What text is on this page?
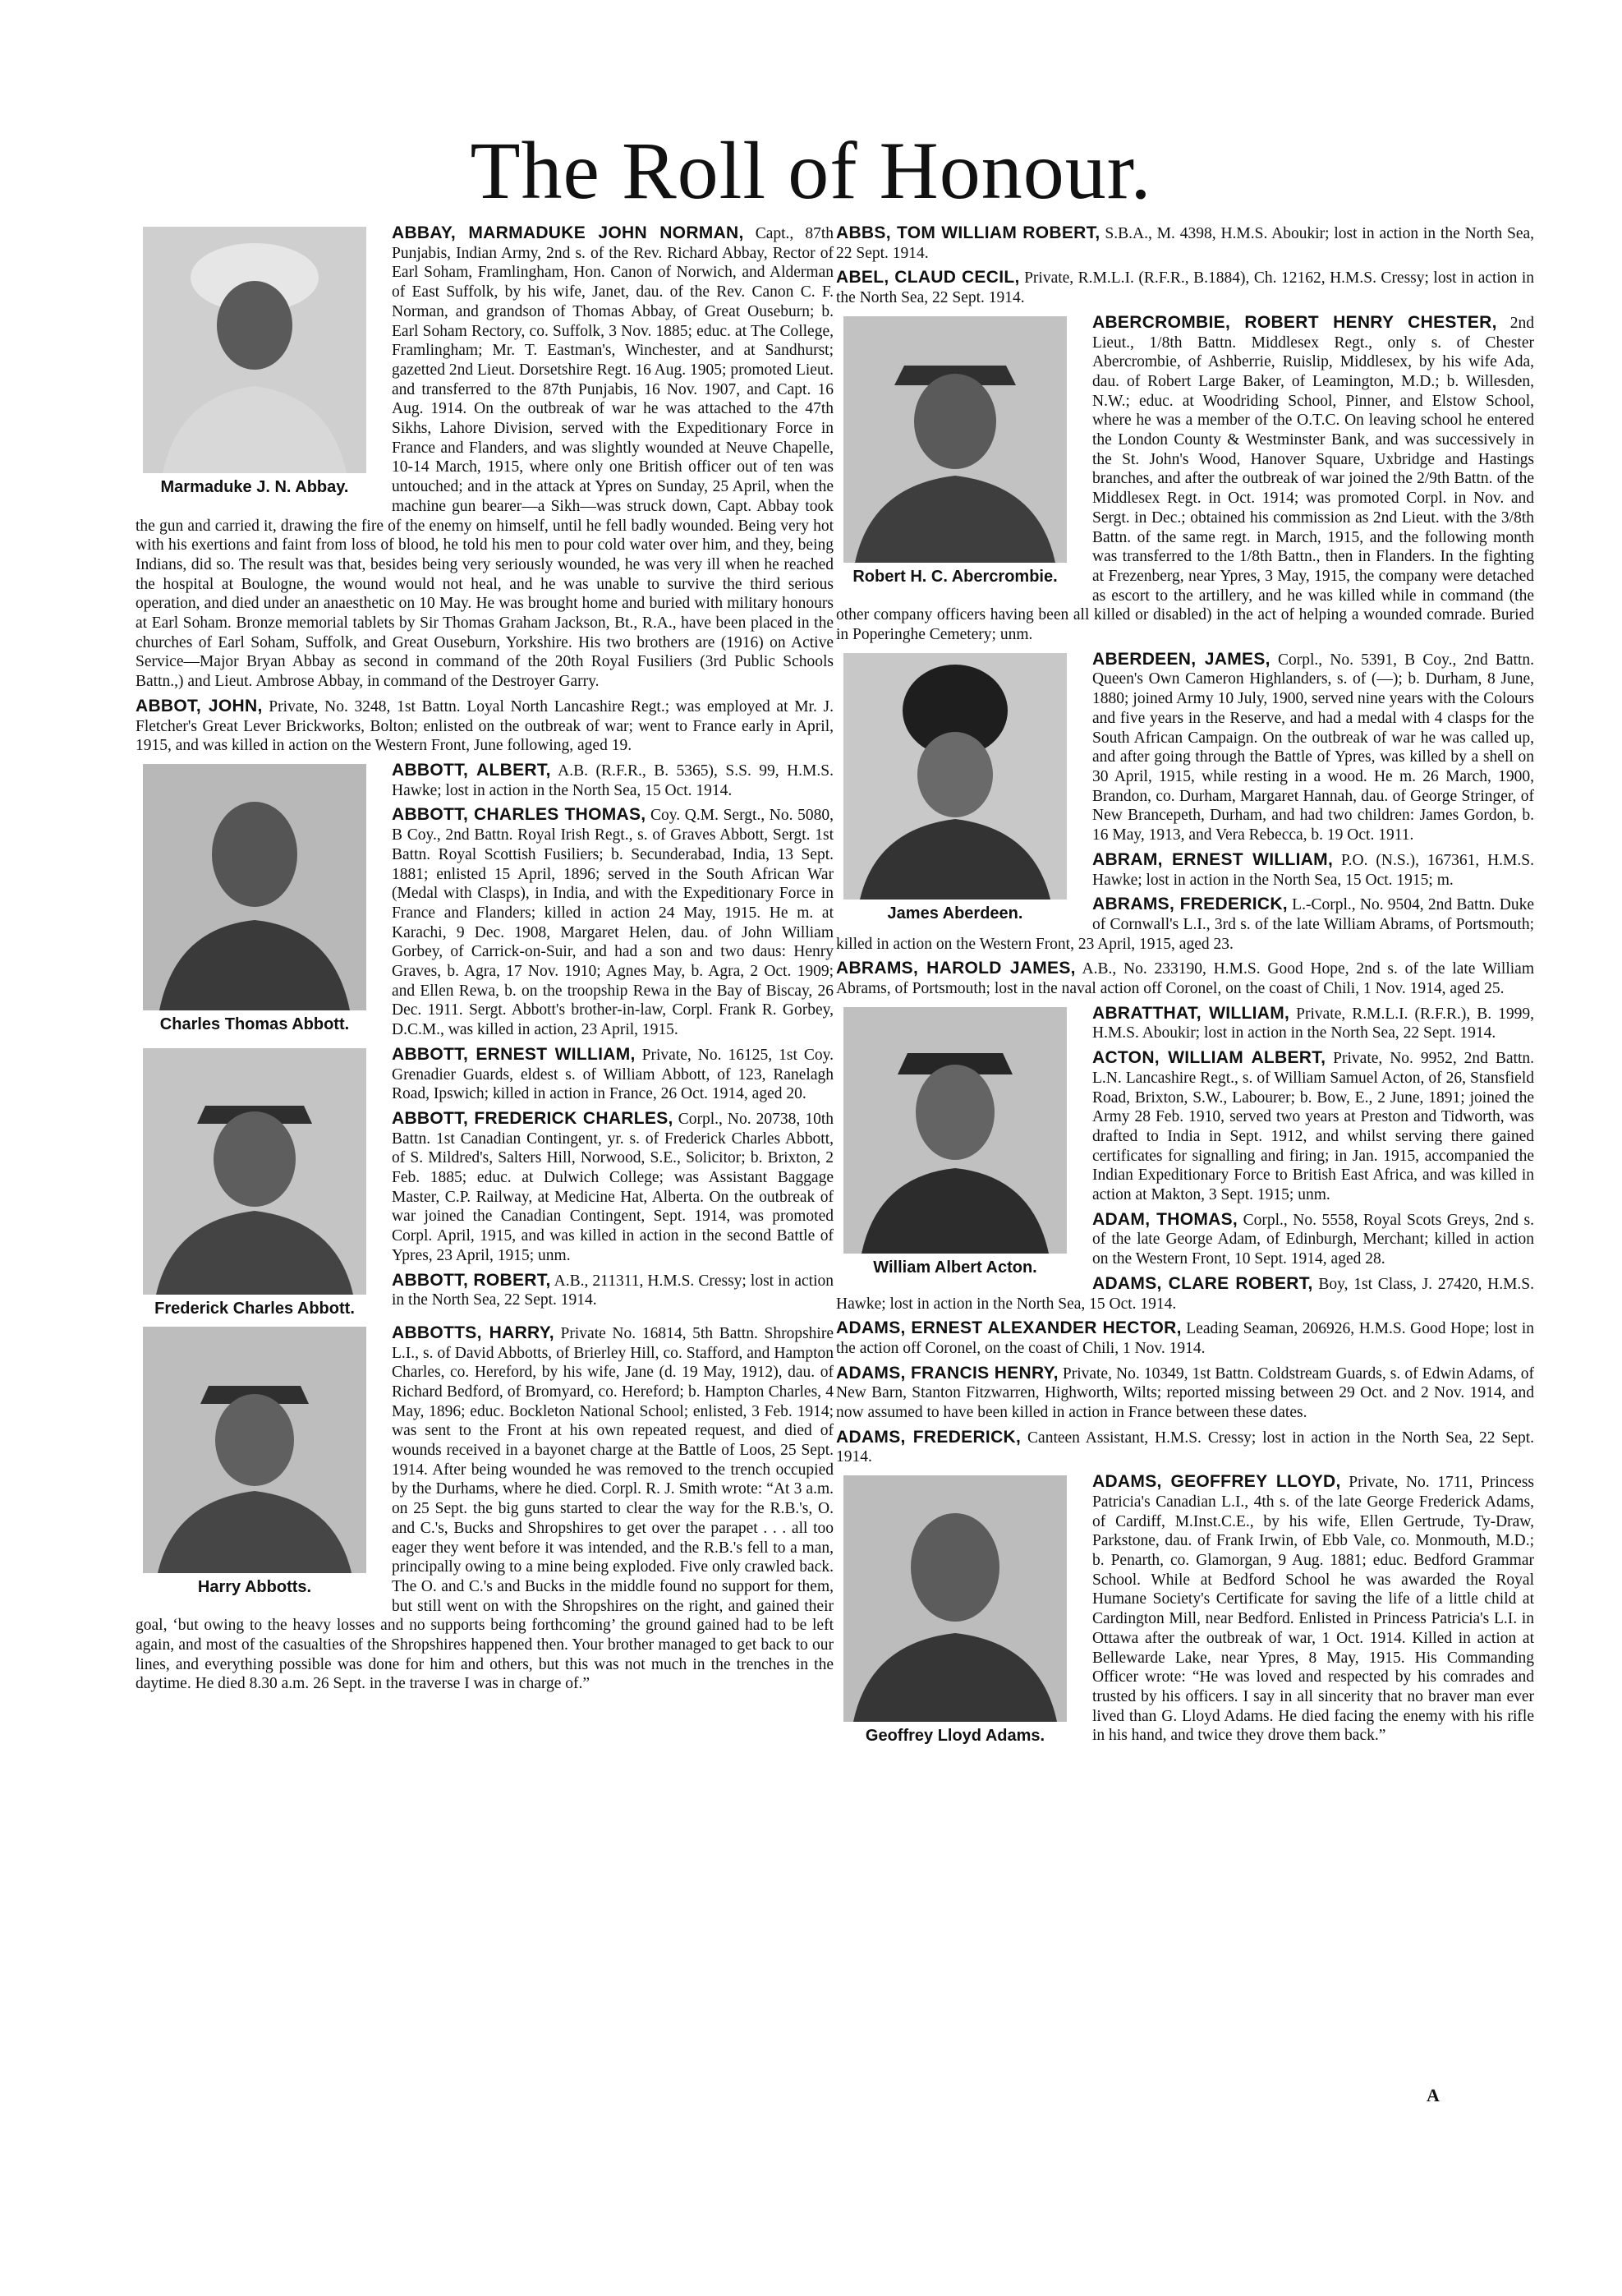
The Roll of Honour.

ABBAY, MARMADUKE JOHN NORMAN,
Marmaduke J. N. Abbay.
Capt., 87th Punjabis, Indian Army, 2nd s. of the Rev. Richard Abbay, Rector of Earl Soham, Framlingham, Hon. Canon of Norwich, and Alderman of East Suffolk, by his wife, Janet, dau. of the Rev. Canon C. F. Norman, and grandson of Thomas Abbay, of Great Ouseburn; b. Earl Soham Rectory, co. Suffolk, 3 Nov. 1885; educ. at The College, Framlingham; Mr. T. Eastman's, Winchester, and at Sandhurst; gazetted 2nd Lieut. Dorsetshire Regt. 16 Aug. 1905; promoted Lieut. and transferred to the 87th Punjabis, 16 Nov. 1907, and Capt. 16 Aug. 1914. On the outbreak of war he was attached to the 47th Sikhs, Lahore Division, served with the Expeditionary Force in France and Flanders, and was slightly wounded at Neuve Chapelle, 10-14 March, 1915, where only one British officer out of ten was untouched; and in the attack at Ypres on Sunday, 25 April, when the machine gun bearer—a Sikh—was struck down, Capt. Abbay took the gun and carried it, drawing the fire of the enemy on himself, until he fell badly wounded. Being very hot with his exertions and faint from loss of blood, he told his men to pour cold water over him, and they, being Indians, did so. The result was that, besides being very seriously wounded, he was very ill when he reached the hospital at Boulogne, the wound would not heal, and he was unable to survive the third serious operation, and died under an anaesthetic on 10 May. He was brought home and buried with military honours at Earl Soham. Bronze memorial tablets by Sir Thomas Graham Jackson, Bt., R.A., have been placed in the churches of Earl Soham, Suffolk, and Great Ouseburn, Yorkshire. His two brothers are (1916) on Active Service—Major Bryan Abbay as second in command of the 20th Royal Fusiliers (3rd Public Schools Battn.,) and Lieut. Ambrose Abbay, in command of the Destroyer Garry.

ABBOT, JOHN, Private, No. 3248, 1st Battn. Loyal North Lancashire Regt.; was employed at Mr. J. Fletcher's Great Lever Brickworks, Bolton; enlisted on the outbreak of war; went to France early in April, 1915, and was killed in action on the Western Front, June following, aged 19.

Charles Thomas Abbott.

ABBOTT, ALBERT, A.B. (R.F.R., B. 5365), S.S. 99, H.M.S. Hawke; lost in action in the North Sea, 15 Oct. 1914.

ABBOTT, CHARLES THOMAS, Coy. Q.M. Sergt., No. 5080, B Coy., 2nd Battn. Royal Irish Regt., s. of Graves Abbott, Sergt. 1st Battn. Royal Scottish Fusiliers; b. Secunderabad, India, 13 Sept. 1881; enlisted 15 April, 1896; served in the South African War (Medal with Clasps), in India, and with the Expeditionary Force in France and Flanders; killed in action 24 May, 1915. He m. at Karachi, 9 Dec. 1908, Margaret Helen, dau. of John William Gorbey, of Carrick-on-Suir, and had a son and two daus: Henry Graves, b. Agra, 17 Nov. 1910; Agnes May, b. Agra, 2 Oct. 1909; and Ellen Rewa, b. on the troopship Rewa in the Bay of Biscay, 26 Dec. 1911. Sergt. Abbott's brother-in-law, Corpl. Frank R. Gorbey, D.C.M., was killed in action, 23 April, 1915.

Frederick Charles Abbott.

ABBOTT, ERNEST WILLIAM, Private, No. 16125, 1st Coy. Grenadier Guards, eldest s. of William Abbott, of 123, Ranelagh Road, Ipswich; killed in action in France, 26 Oct. 1914, aged 20.

ABBOTT, FREDERICK CHARLES, Corpl., No. 20738, 10th Battn. 1st Canadian Contingent, yr. s. of Frederick Charles Abbott, of S. Mildred's, Salters Hill, Norwood, S.E., Solicitor; b. Brixton, 2 Feb. 1885; educ. at Dulwich College; was Assistant Baggage Master, C.P. Railway, at Medicine Hat, Alberta. On the outbreak of war joined the Canadian Contingent, Sept. 1914, was promoted Corpl. April, 1915, and was killed in action in the second Battle of Ypres, 23 April, 1915; unm.

ABBOTT, ROBERT, A.B., 211311, H.M.S. Cressy; lost in action in the North Sea, 22 Sept. 1914.

Harry Abbotts.

ABBOTTS, HARRY, Private No. 16814, 5th Battn. Shropshire L.I., s. of David Abbotts, of Brierley Hill, co. Stafford, and Hampton Charles, co. Hereford, by his wife, Jane (d. 19 May, 1912), dau. of Richard Bedford, of Bromyard, co. Hereford; b. Hampton Charles, 4 May, 1896; educ. Bockleton National School; enlisted, 3 Feb. 1914; was sent to the Front at his own repeated request, and died of wounds received in a bayonet charge at the Battle of Loos, 25 Sept. 1914. After being wounded he was removed to the trench occupied by the Durhams, where he died. Corpl. R. J. Smith wrote: “At 3 a.m. on 25 Sept. the big guns started to clear the way for the R.B.'s, O. and C.'s, Bucks and Shropshires to get over the parapet . . . all too eager they went before it was intended, and the R.B.'s fell to a man, principally owing to a mine being exploded. Five only crawled back. The O. and C.'s and Bucks in the middle found no support for them, but still went on with the Shropshires on the right, and gained their goal, ‘but owing to the heavy losses and no supports being forthcoming’ the ground gained had to be left again, and most of the casualties of the Shropshires happened then. Your brother managed to get back to our lines, and everything possible was done for him and others, but this was not much in the trenches in the daytime. He died 8.30 a.m. 26 Sept. in the traverse I was in charge of.”

ABBS, TOM WILLIAM ROBERT, S.B.A., M. 4398, H.M.S. Aboukir; lost in action in the North Sea, 22 Sept. 1914.

ABEL, CLAUD CECIL, Private, R.M.L.I. (R.F.R., B.1884), Ch. 12162, H.M.S. Cressy; lost in action in the North Sea, 22 Sept. 1914.

Robert H. C. Abercrombie.

ABERCROMBIE, ROBERT HENRY CHESTER, 2nd Lieut., 1/8th Battn. Middlesex Regt., only s. of Chester Abercrombie, of Ashberrie, Ruislip, Middlesex, by his wife Ada, dau. of Robert Large Baker, of Leamington, M.D.; b. Willesden, N.W.; educ. at Woodriding School, Pinner, and Elstow School, where he was a member of the O.T.C. On leaving school he entered the London County & Westminster Bank, and was successively in the St. John's Wood, Hanover Square, Uxbridge and Hastings branches, and after the outbreak of war joined the 2/9th Battn. of the Middlesex Regt. in Oct. 1914; was promoted Corpl. in Nov. and Sergt. in Dec.; obtained his commission as 2nd Lieut. with the 3/8th Battn. of the same regt. in March, 1915, and the following month was transferred to the 1/8th Battn., then in Flanders. In the fighting at Frezenberg, near Ypres, 3 May, 1915, the company were detached as escort to the artillery, and he was killed while in command (the other company officers having been all killed or disabled) in the act of helping a wounded comrade. Buried in Poperinghe Cemetery; unm.

James Aberdeen.

ABERDEEN, JAMES, Corpl., No. 5391, B Coy., 2nd Battn. Queen's Own Cameron Highlanders, s. of (—); b. Durham, 8 June, 1880; joined Army 10 July, 1900, served nine years with the Colours and five years in the Reserve, and had a medal with 4 clasps for the South African Campaign. On the outbreak of war he was called up, and after going through the Battle of Ypres, was killed by a shell on 30 April, 1915, while resting in a wood. He m. 26 March, 1900, Brandon, co. Durham, Margaret Hannah, dau. of George Stringer, of New Brancepeth, Durham, and had two children: James Gordon, b. 16 May, 1913, and Vera Rebecca, b. 19 Oct. 1911.

ABRAM, ERNEST WILLIAM, P.O. (N.S.), 167361, H.M.S. Hawke; lost in action in the North Sea, 15 Oct. 1915; m.

ABRAMS, FREDERICK, L.-Corpl., No. 9504, 2nd Battn. Duke of Cornwall's L.I., 3rd s. of the late William Abrams, of Portsmouth; killed in action on the Western Front, 23 April, 1915, aged 23.

ABRAMS, HAROLD JAMES, A.B., No. 233190, H.M.S. Good Hope, 2nd s. of the late William Abrams, of Portsmouth; lost in the naval action off Coronel, on the coast of Chili, 1 Nov. 1914, aged 25.

William Albert Acton.

ABRATTHAT, WILLIAM, Private, R.M.L.I. (R.F.R.), B. 1999, H.M.S. Aboukir; lost in action in the North Sea, 22 Sept. 1914.

ACTON, WILLIAM ALBERT, Private, No. 9952, 2nd Battn. L.N. Lancashire Regt., s. of William Samuel Acton, of 26, Stansfield Road, Brixton, S.W., Labourer; b. Bow, E., 2 June, 1891; joined the Army 28 Feb. 1910, served two years at Preston and Tidworth, was drafted to India in Sept. 1912, and whilst serving there gained certificates for signalling and firing; in Jan. 1915, accompanied the Indian Expeditionary Force to British East Africa, and was killed in action at Makton, 3 Sept. 1915; unm.

ADAM, THOMAS, Corpl., No. 5558, Royal Scots Greys, 2nd s. of the late George Adam, of Edinburgh, Merchant; killed in action on the Western Front, 10 Sept. 1914, aged 28.

ADAMS, CLARE ROBERT, Boy, 1st Class, J. 27420, H.M.S. Hawke; lost in action in the North Sea, 15 Oct. 1914.

ADAMS, ERNEST ALEXANDER HECTOR, Leading Seaman, 206926, H.M.S. Good Hope; lost in the action off Coronel, on the coast of Chili, 1 Nov. 1914.

ADAMS, FRANCIS HENRY, Private, No. 10349, 1st Battn. Coldstream Guards, s. of Edwin Adams, of New Barn, Stanton Fitzwarren, Highworth, Wilts; reported missing between 29 Oct. and 2 Nov. 1914, and now assumed to have been killed in action in France between these dates.

ADAMS, FREDERICK, Canteen Assistant, H.M.S. Cressy; lost in action in the North Sea, 22 Sept. 1914.

Geoffrey Lloyd Adams.

ADAMS, GEOFFREY LLOYD, Private, No. 1711, Princess Patricia's Canadian L.I., 4th s. of the late George Frederick Adams, of Cardiff, M.Inst.C.E., by his wife, Ellen Gertrude, Ty-Draw, Parkstone, dau. of Frank Irwin, of Ebb Vale, co. Monmouth, M.D.; b. Penarth, co. Glamorgan, 9 Aug. 1881; educ. Bedford Grammar School. While at Bedford School he was awarded the Royal Humane Society's Certificate for saving the life of a little child at Cardington Mill, near Bedford. Enlisted in Princess Patricia's L.I. in Ottawa after the outbreak of war, 1 Oct. 1914. Killed in action at Bellewarde Lake, near Ypres, 8 May, 1915. His Commanding Officer wrote: “He was loved and respected by his comrades and trusted by his officers. I say in all sincerity that no braver man ever lived than G. Lloyd Adams. He died facing the enemy with his rifle in his hand, and twice they drove them back.”

A
